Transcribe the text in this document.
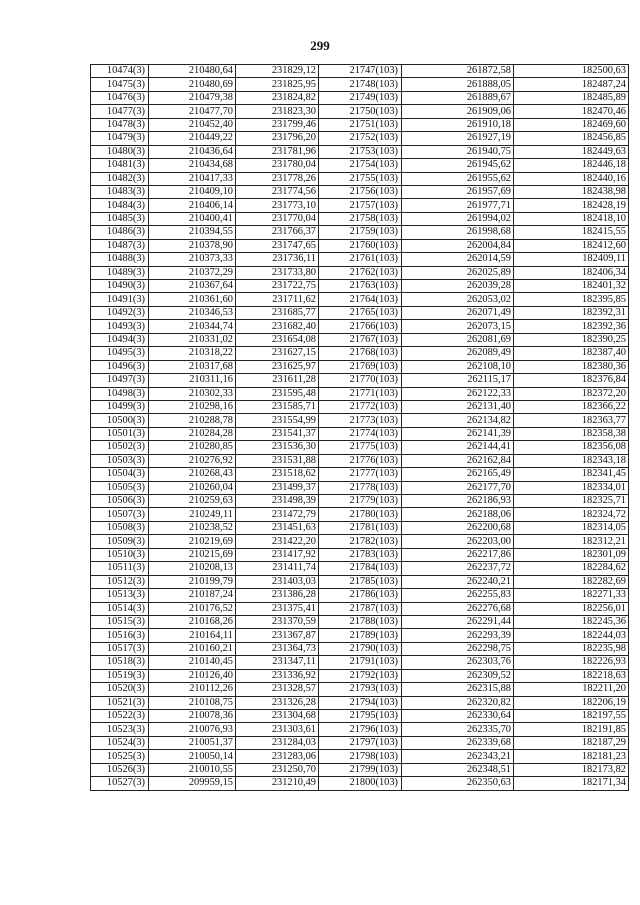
299
10474(3)	210480,64	231829,12	21747(103)	261872,58	182500,63
10475(3)	210480,69	231825,95	21748(103)	261888,05	182487,24
10476(3)	210479,38	231824,82	21749(103)	261889,67	182485,89
10477(3)	210477,70	231823,30	21750(103)	261909,06	182470,46
10478(3)	210452,40	231799,46	21751(103)	261910,18	182469,60
10479(3)	210449,22	231796,20	21752(103)	261927,19	182456,85
10480(3)	210436,64	231781,96	21753(103)	261940,75	182449,63
10481(3)	210434,68	231780,04	21754(103)	261945,62	182446,18
10482(3)	210417,33	231778,26	21755(103)	261955,62	182440,16
10483(3)	210409,10	231774,56	21756(103)	261957,69	182438,98
10484(3)	210406,14	231773,10	21757(103)	261977,71	182428,19
10485(3)	210400,41	231770,04	21758(103)	261994,02	182418,10
10486(3)	210394,55	231766,37	21759(103)	261998,68	182415,55
10487(3)	210378,90	231747,65	21760(103)	262004,84	182412,60
10488(3)	210373,33	231736,11	21761(103)	262014,59	182409,11
10489(3)	210372,29	231733,80	21762(103)	262025,89	182406,34
10490(3)	210367,64	231722,75	21763(103)	262039,28	182401,32
10491(3)	210361,60	231711,62	21764(103)	262053,02	182395,85
10492(3)	210346,53	231685,77	21765(103)	262071,49	182392,31
10493(3)	210344,74	231682,40	21766(103)	262073,15	182392,36
10494(3)	210331,02	231654,08	21767(103)	262081,69	182390,25
10495(3)	210318,22	231627,15	21768(103)	262089,49	182387,40
10496(3)	210317,68	231625,97	21769(103)	262108,10	182380,36
10497(3)	210311,16	231611,28	21770(103)	262115,17	182376,84
10498(3)	210302,33	231595,48	21771(103)	262122,33	182372,20
10499(3)	210298,16	231585,71	21772(103)	262131,40	182366,22
10500(3)	210288,78	231554,99	21773(103)	262134,82	182363,77
10501(3)	210284,28	231541,37	21774(103)	262141,39	182358,38
10502(3)	210280,85	231536,30	21775(103)	262144,41	182356,08
10503(3)	210276,92	231531,88	21776(103)	262162,84	182343,18
10504(3)	210268,43	231518,62	21777(103)	262165,49	182341,45
10505(3)	210260,04	231499,37	21778(103)	262177,70	182334,01
10506(3)	210259,63	231498,39	21779(103)	262186,93	182325,71
10507(3)	210249,11	231472,79	21780(103)	262188,06	182324,72
10508(3)	210238,52	231451,63	21781(103)	262200,68	182314,05
10509(3)	210219,69	231422,20	21782(103)	262203,00	182312,21
10510(3)	210215,69	231417,92	21783(103)	262217,86	182301,09
10511(3)	210208,13	231411,74	21784(103)	262237,72	182284,62
10512(3)	210199,79	231403,03	21785(103)	262240,21	182282,69
10513(3)	210187,24	231386,28	21786(103)	262255,83	182271,33
10514(3)	210176,52	231375,41	21787(103)	262276,68	182256,01
10515(3)	210168,26	231370,59	21788(103)	262291,44	182245,36
10516(3)	210164,11	231367,87	21789(103)	262293,39	182244,03
10517(3)	210160,21	231364,73	21790(103)	262298,75	182235,98
10518(3)	210140,45	231347,11	21791(103)	262303,76	182226,93
10519(3)	210126,40	231336,92	21792(103)	262309,52	182218,63
10520(3)	210112,26	231328,57	21793(103)	262315,88	182211,20
10521(3)	210108,75	231326,28	21794(103)	262320,82	182206,19
10522(3)	210078,36	231304,68	21795(103)	262330,64	182197,55
10523(3)	210076,93	231303,61	21796(103)	262335,70	182191,85
10524(3)	210051,37	231284,03	21797(103)	262339,68	182187,29
10525(3)	210050,14	231283,06	21798(103)	262343,21	182181,23
10526(3)	210010,55	231250,70	21799(103)	262348,51	182173,82
10527(3)	209959,15	231210,49	21800(103)	262350,63	182171,34
